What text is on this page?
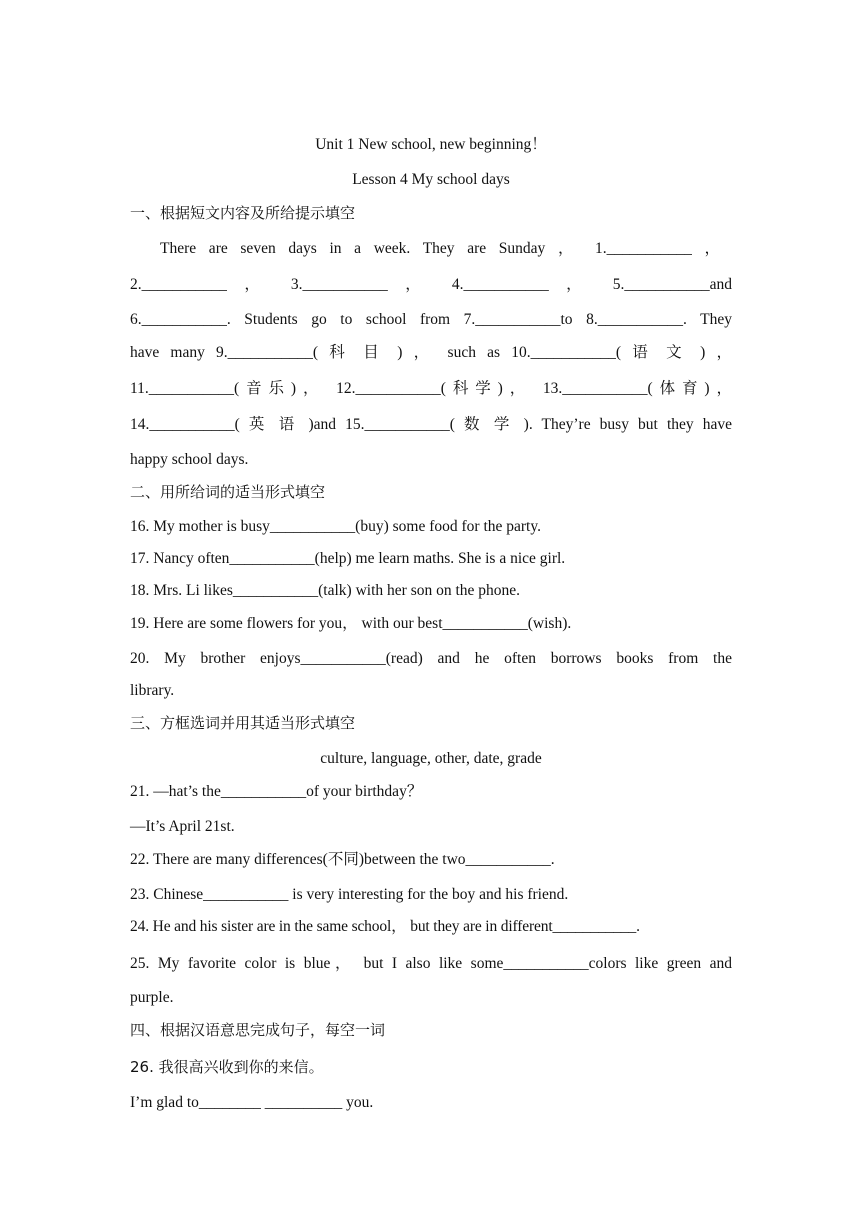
Unit 1 New school, new beginning！
Lesson 4 My school days
一、根据短文内容及所给提示填空
There are seven days in a week. They are Sunday ， 1.___________ ，
2.___________ ， 3.___________ ， 4.___________ ， 5.___________and
6.___________. Students go to school from 7.___________to 8.___________. They
have many 9.___________( 科 目 ) ， such as 10.___________( 语 文 ) ，
11.___________(音乐)， 12.___________(科学)， 13.___________(体育)，
14.___________( 英 语 )and 15.___________( 数 学 ). They’re busy but they have
happy school days.
二、用所给词的适当形式填空
16. My mother is busy___________(buy) some food for the party.
17. Nancy often___________(help) me learn maths. She is a nice girl.
18. Mrs. Li likes___________(talk) with her son on the phone.
19. Here are some flowers for you， with our best___________(wish).
20. My brother enjoys___________(read) and he often borrows books from the
library.
三、方框选词并用其适当形式填空
culture, language, other, date, grade
21. —hat’s the___________of your birthday？
—It’s April 21st.
22. There are many differences(不同)between the two___________.
23. Chinese___________ is very interesting for the boy and his friend.
24. He and his sister are in the same school， but they are in different___________.
25. My favorite color is blue， but I also like some___________colors like green and
purple.
四、根据汉语意思完成句子，每空一词
26. 我很高兴收到你的来信。
I’m glad to________ __________ you.
